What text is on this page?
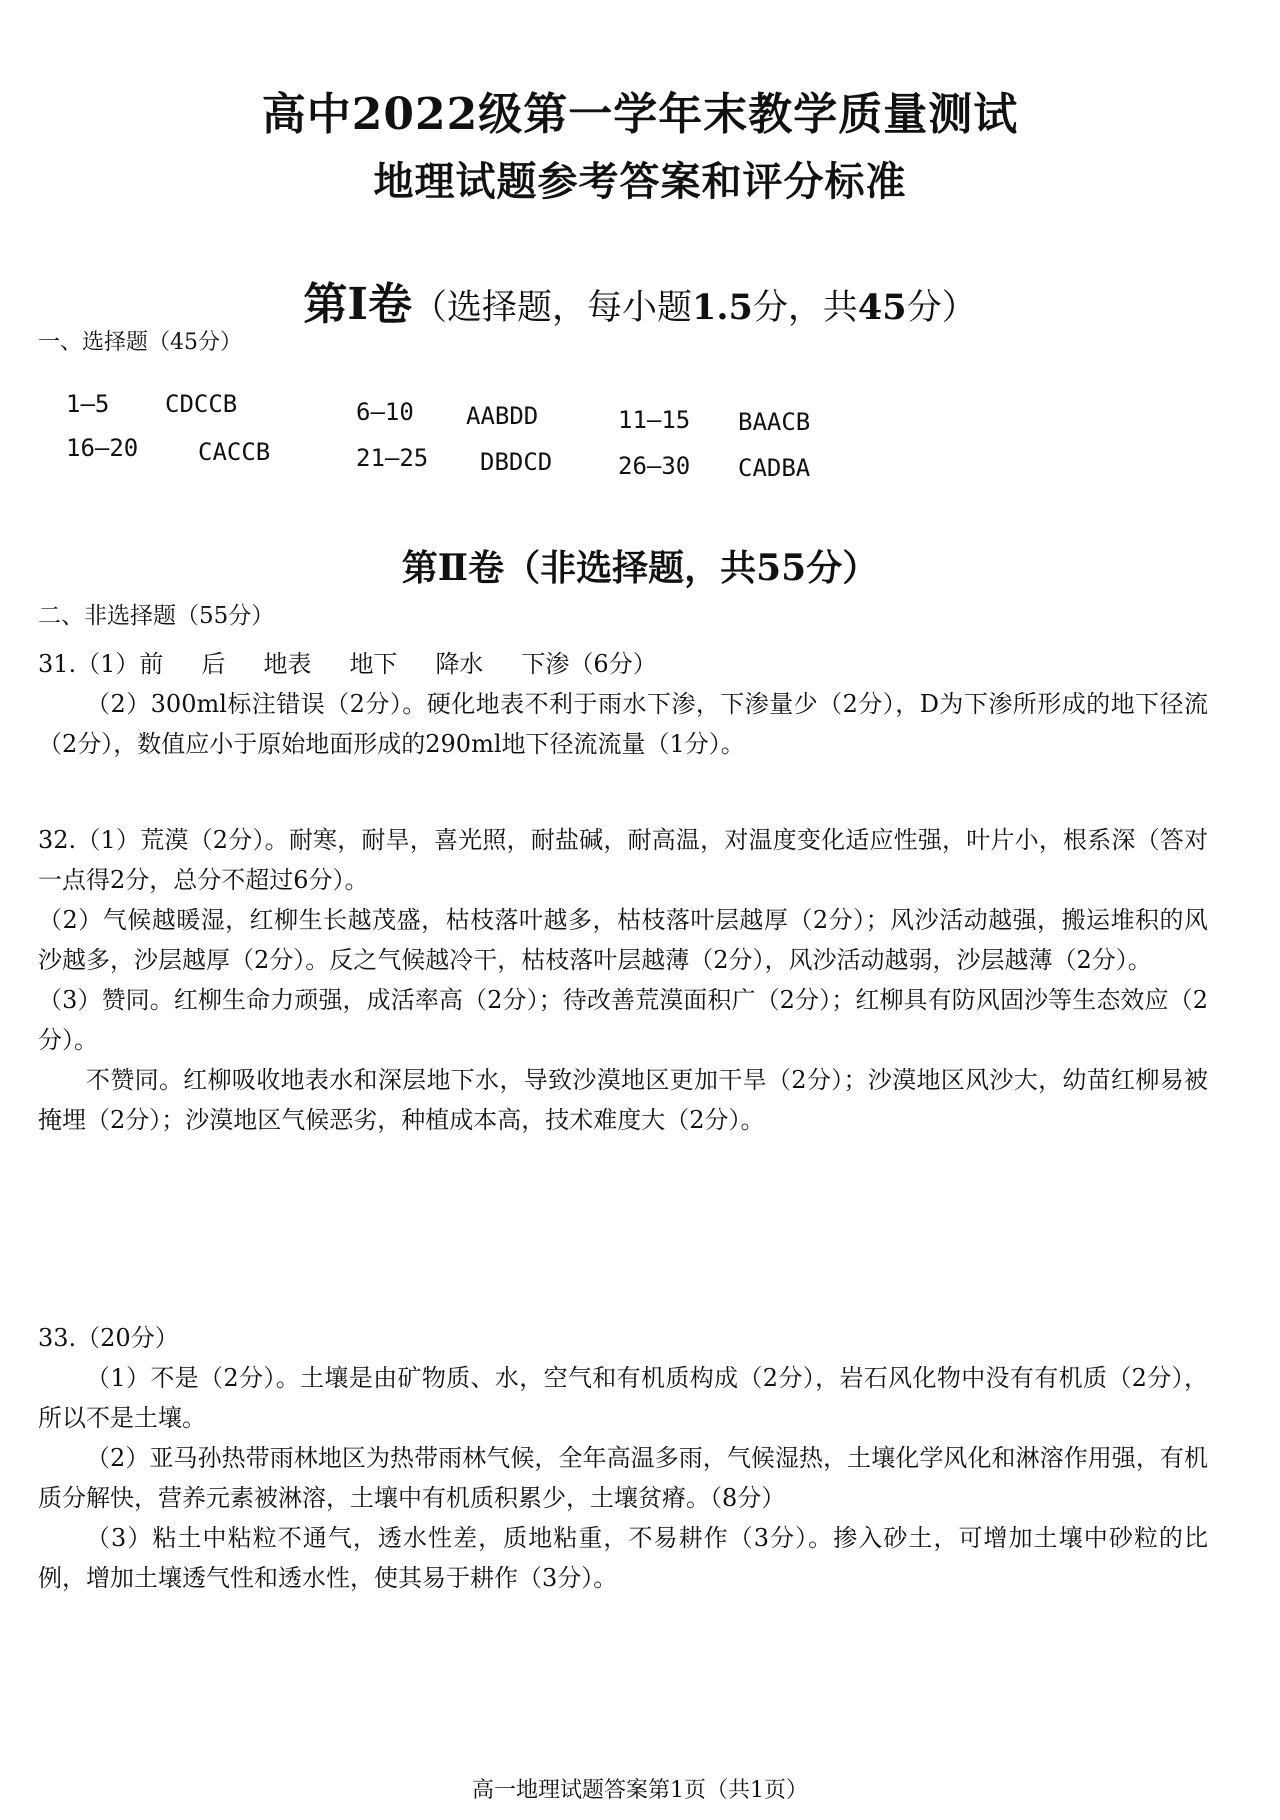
高中2022级第一学年末教学质量测试
地理试题参考答案和评分标准
第Ⅰ卷（选择题，每小题1.5分，共45分）
一、选择题（45分）
1—5 CDCCB	6—10 AABDD	11—15 BAACB
16—20 CACCB	21—25 DBDCD	26—30 CADBA
第Ⅱ卷（非选择题，共55分）
二、非选择题（55分）

31.（1）前 后 地表 地下 降水 下渗（6分）

（2）300ml标注错误（2分）。硬化地表不利于雨水下渗，下渗量少（2分），D为下渗所形成的地下径流（2分），数值应小于原始地面形成的290ml地下径流流量（1分）。

32.（1）荒漠（2分）。耐寒，耐旱，喜光照，耐盐碱，耐高温，对温度变化适应性强，叶片小，根系深（答对一点得2分，总分不超过6分）。

（2）气候越暖湿，红柳生长越茂盛，枯枝落叶越多，枯枝落叶层越厚（2分）；风沙活动越强，搬运堆积的风沙越多，沙层越厚（2分）。反之气候越冷干，枯枝落叶层越薄（2分），风沙活动越弱，沙层越薄（2分）。

（3）赞同。红柳生命力顽强，成活率高（2分）；待改善荒漠面积广（2分）；红柳具有防风固沙等生态效应（2分）。

不赞同。红柳吸收地表水和深层地下水，导致沙漠地区更加干旱（2分）；沙漠地区风沙大，幼苗红柳易被掩埋（2分）；沙漠地区气候恶劣，种植成本高，技术难度大（2分）。

33.（20分）

（1）不是（2分）。土壤是由矿物质、水，空气和有机质构成（2分），岩石风化物中没有有机质（2分），所以不是土壤。

（2）亚马孙热带雨林地区为热带雨林气候，全年高温多雨，气候湿热，土壤化学风化和淋溶作用强，有机质分解快，营养元素被淋溶，土壤中有机质积累少，土壤贫瘠。（8分）

（3）粘土中粘粒不通气，透水性差，质地粘重，不易耕作（3分）。掺入砂土，可增加土壤中砂粒的比例，增加土壤透气性和透水性，使其易于耕作（3分）。

高一地理试题答案第1页（共1页）
